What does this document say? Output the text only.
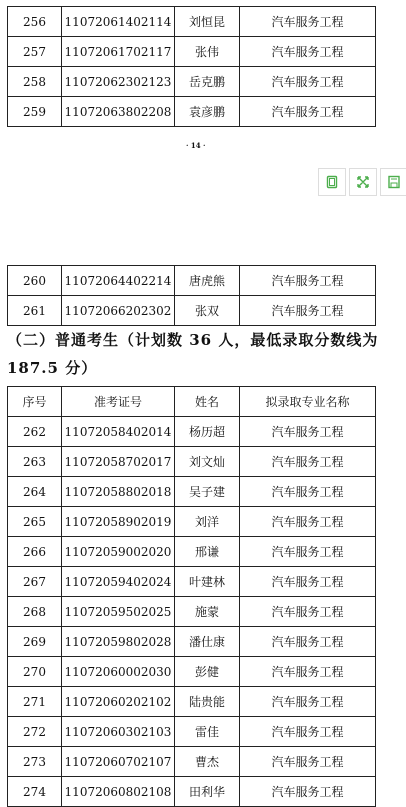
256	11072061402114	刘恒昆	汽车服务工程
257	11072061702117	张伟	汽车服务工程
258	11072062302123	岳克鹏	汽车服务工程
259	11072063802208	袁彦鹏	汽车服务工程
· 14 ·
260	11072064402214	唐虎熊	汽车服务工程
261	11072066202302	张双	汽车服务工程
（二）普通考生（计划数 36 人，最低录取分数线为 187.5 分）
序号	准考证号	姓名	拟录取专业名称
262	11072058402014	杨历超	汽车服务工程
263	11072058702017	刘文灿	汽车服务工程
264	11072058802018	吴子建	汽车服务工程
265	11072058902019	刘洋	汽车服务工程
266	11072059002020	邢谦	汽车服务工程
267	11072059402024	叶建林	汽车服务工程
268	11072059502025	施蒙	汽车服务工程
269	11072059802028	潘仕康	汽车服务工程
270	11072060002030	彭健	汽车服务工程
271	11072060202102	陆贵能	汽车服务工程
272	11072060302103	雷佳	汽车服务工程
273	11072060702107	曹杰	汽车服务工程
274	11072060802108	田利华	汽车服务工程
